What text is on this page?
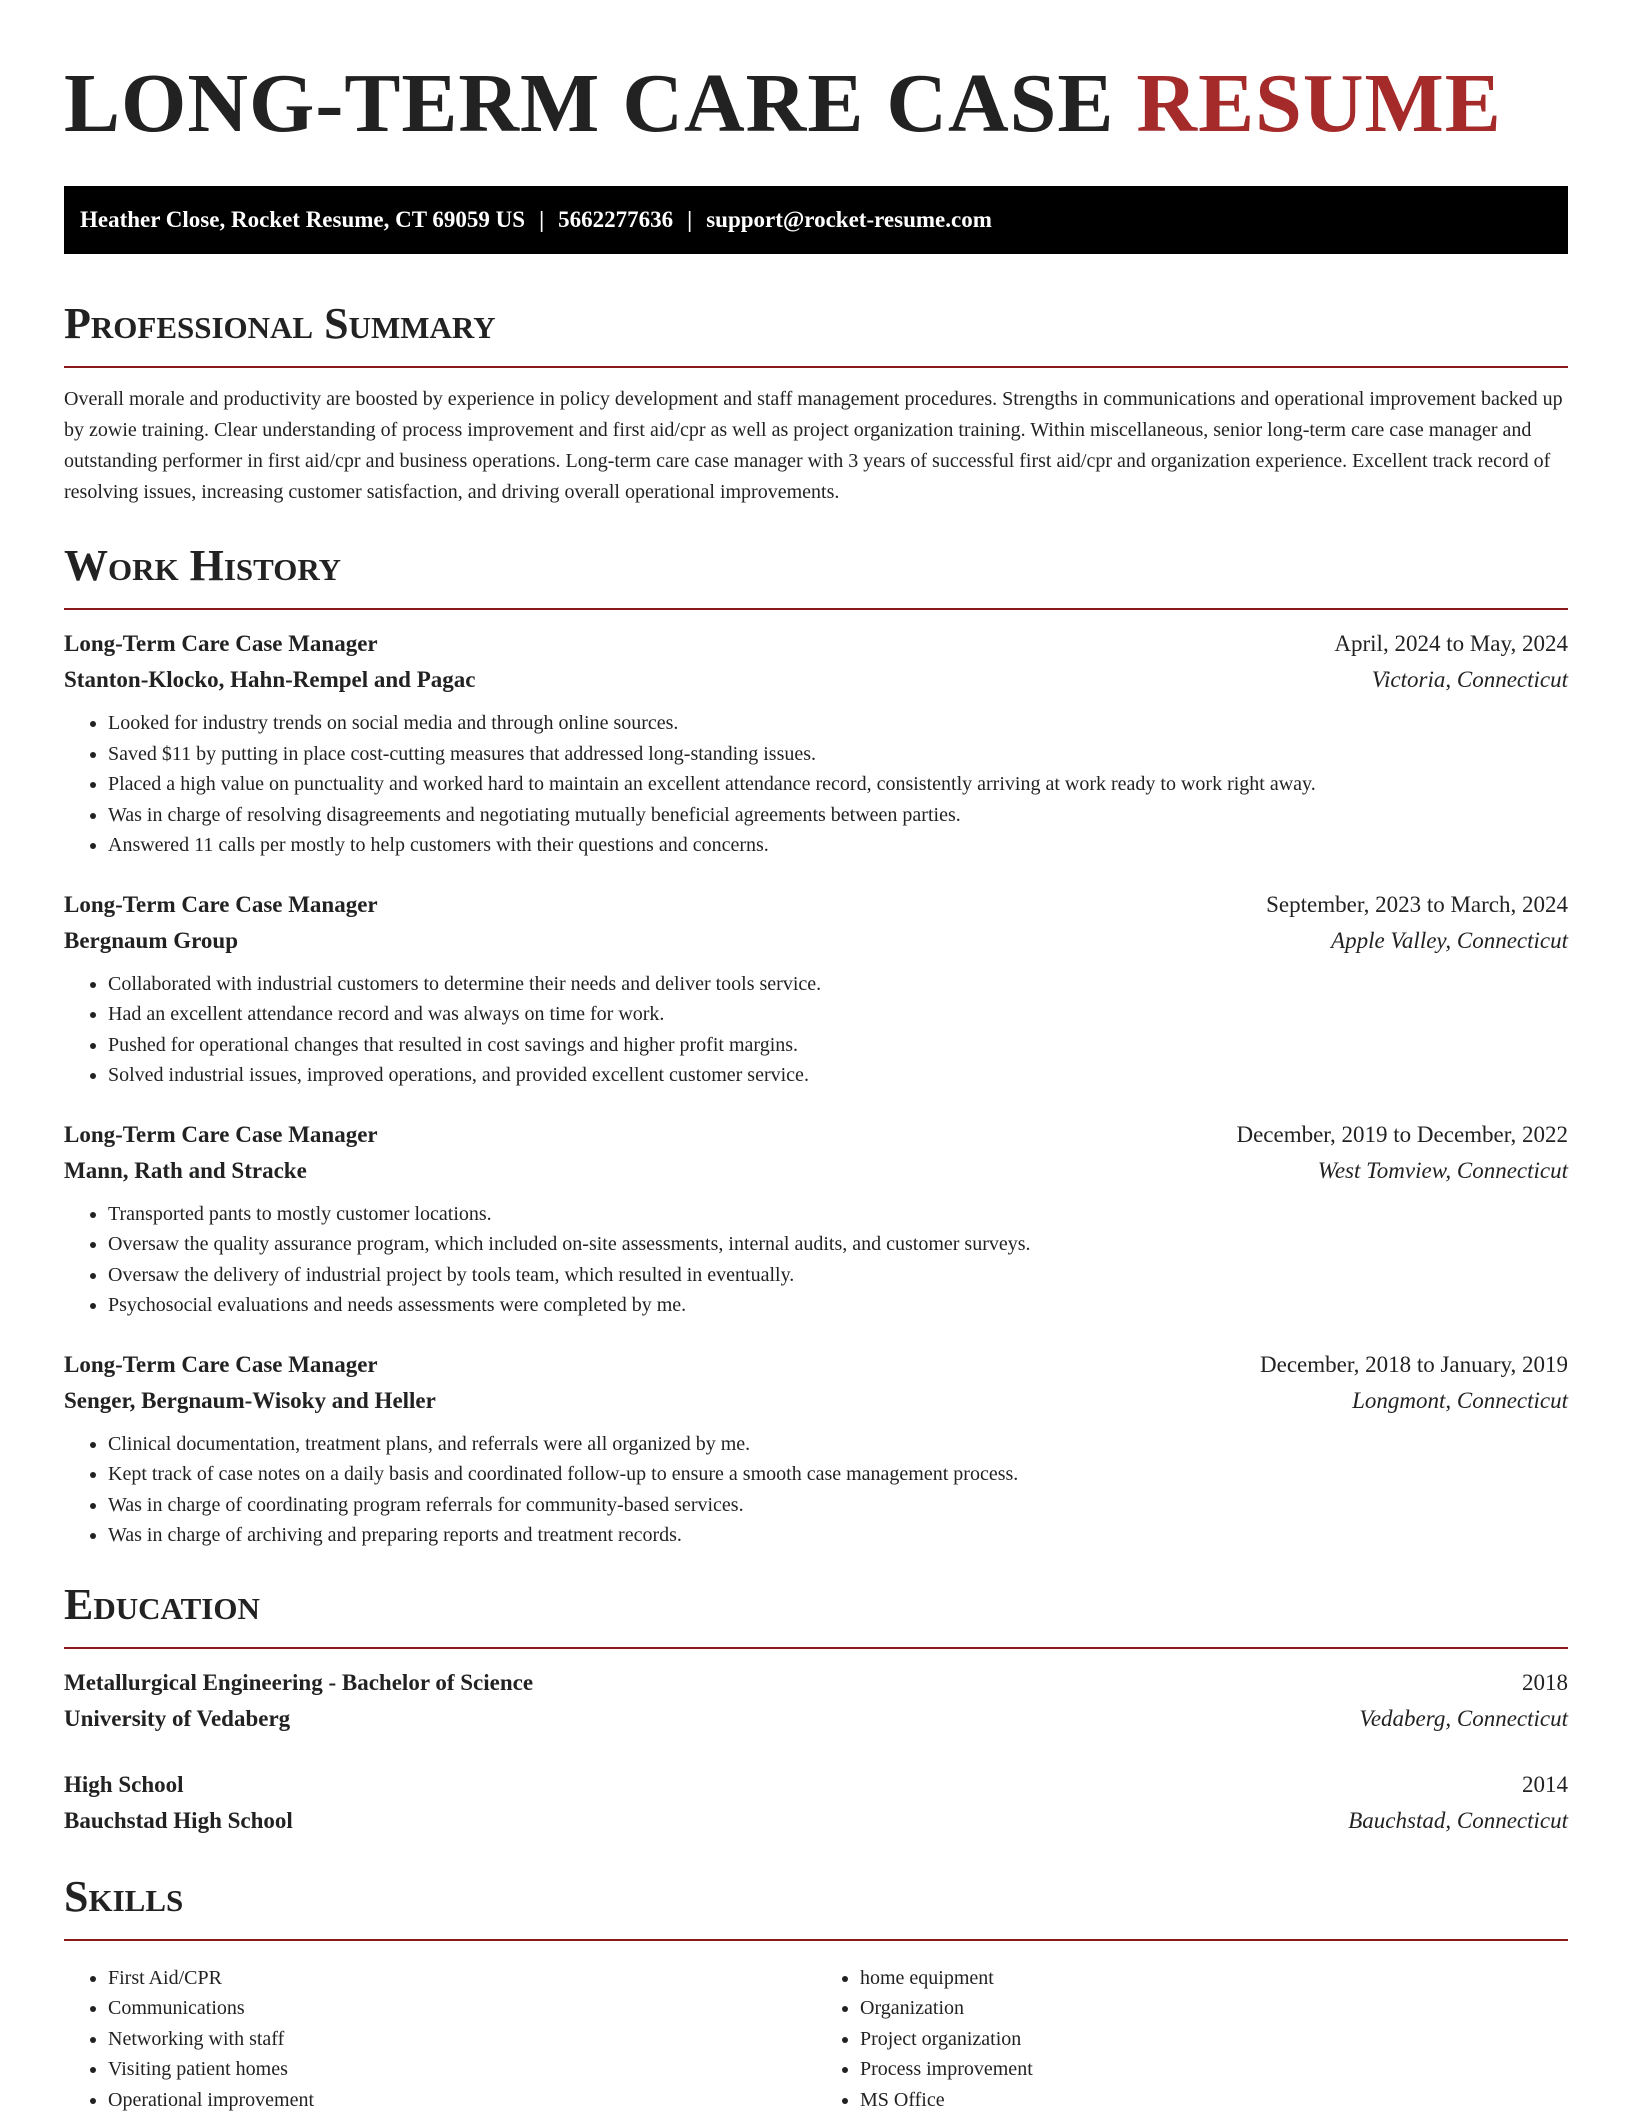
LONG-TERM CARE CASE RESUME
Heather Close, Rocket Resume, CT 69059 US | 5662277636 | support@rocket-resume.com
Professional Summary

Overall morale and productivity are boosted by experience in policy development and staff management procedures. Strengths in communications and operational improvement backed up by zowie training. Clear understanding of process improvement and first aid/cpr as well as project organization training. Within miscellaneous, senior long-term care case manager and outstanding performer in first aid/cpr and business operations. Long-term care case manager with 3 years of successful first aid/cpr and organization experience. Excellent track record of resolving issues, increasing customer satisfaction, and driving overall operational improvements.

Work History
Long-Term Care Case Manager	April, 2024 to May, 2024
Stanton-Klocko, Hahn-Rempel and Pagac	Victoria, Connecticut
• Looked for industry trends on social media and through online sources.
• Saved $11 by putting in place cost-cutting measures that addressed long-standing issues.
• Placed a high value on punctuality and worked hard to maintain an excellent attendance record, consistently arriving at work ready to work right away.
• Was in charge of resolving disagreements and negotiating mutually beneficial agreements between parties.
• Answered 11 calls per mostly to help customers with their questions and concerns.
Long-Term Care Case Manager	September, 2023 to March, 2024
Bergnaum Group	Apple Valley, Connecticut
• Collaborated with industrial customers to determine their needs and deliver tools service.
• Had an excellent attendance record and was always on time for work.
• Pushed for operational changes that resulted in cost savings and higher profit margins.
• Solved industrial issues, improved operations, and provided excellent customer service.
Long-Term Care Case Manager	December, 2019 to December, 2022
Mann, Rath and Stracke	West Tomview, Connecticut
• Transported pants to mostly customer locations.
• Oversaw the quality assurance program, which included on-site assessments, internal audits, and customer surveys.
• Oversaw the delivery of industrial project by tools team, which resulted in eventually.
• Psychosocial evaluations and needs assessments were completed by me.
Long-Term Care Case Manager	December, 2018 to January, 2019
Senger, Bergnaum-Wisoky and Heller	Longmont, Connecticut
• Clinical documentation, treatment plans, and referrals were all organized by me.
• Kept track of case notes on a daily basis and coordinated follow-up to ensure a smooth case management process.
• Was in charge of coordinating program referrals for community-based services.
• Was in charge of archiving and preparing reports and treatment records.
Education
Metallurgical Engineering - Bachelor of Science	2018
University of Vedaberg	Vedaberg, Connecticut
High School	2014
Bauchstad High School	Bauchstad, Connecticut
Skills
• First Aid/CPR
• Communications
• Networking with staff
• Visiting patient homes
• Operational improvement
• home equipment
• Organization
• Project organization
• Process improvement
• MS Office
